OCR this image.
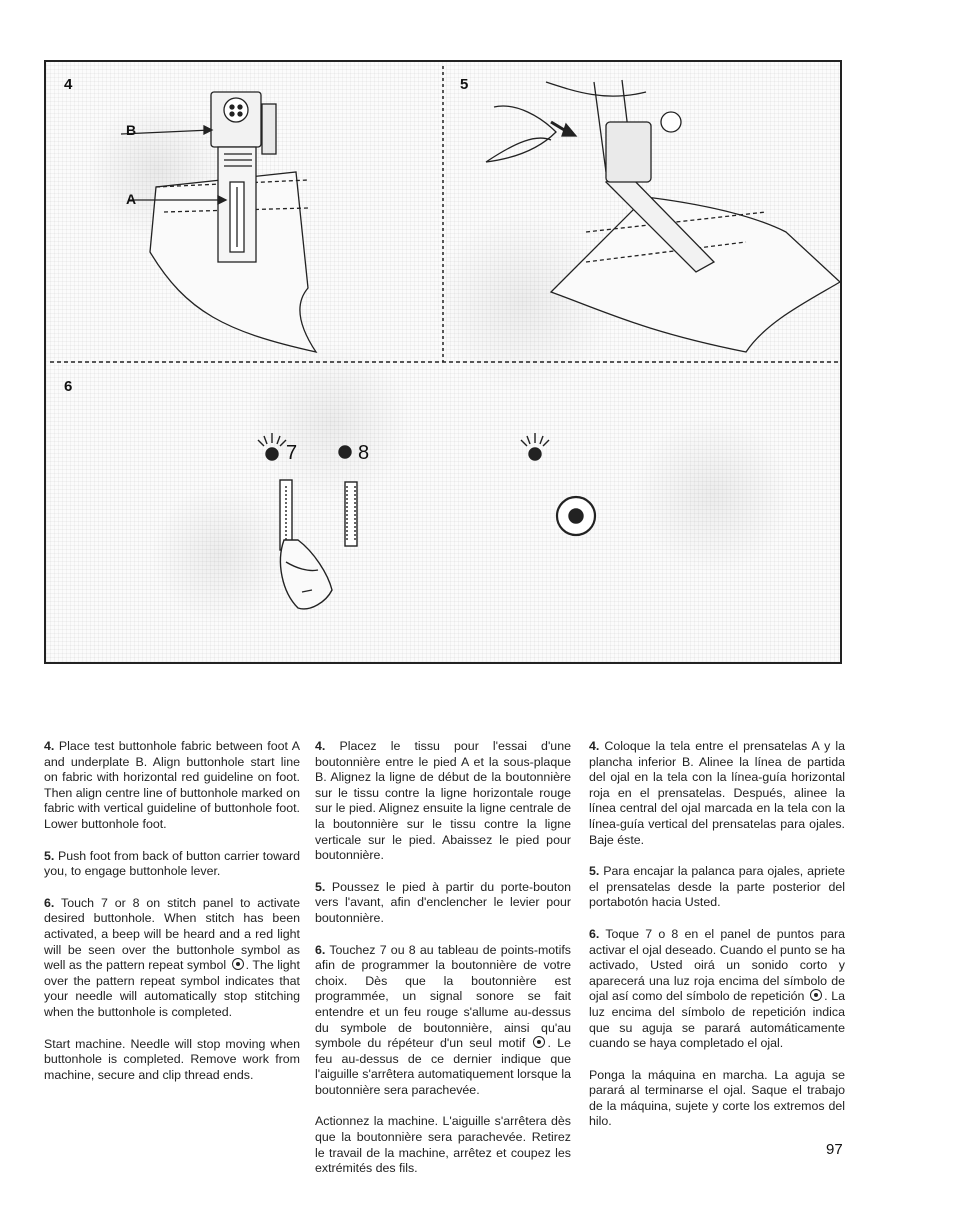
4	5
6
B
A
7	8

4. Place test buttonhole fabric between foot A and underplate B. Align buttonhole start line on fabric with horizontal red guideline on foot. Then align centre line of buttonhole marked on fabric with vertical guideline of buttonhole foot. Lower buttonhole foot.

5. Push foot from back of button carrier toward you, to engage buttonhole lever.

6. Touch 7 or 8 on stitch panel to activate desired buttonhole. When stitch has been activated, a beep will be heard and a red light will be seen over the buttonhole symbol as well as the pattern repeat symbol . The light over the pattern repeat symbol indicates that your needle will automatically stop stitching when the buttonhole is completed.

Start machine. Needle will stop moving when buttonhole is completed. Remove work from machine, secure and clip thread ends.

4. Placez le tissu pour l'essai d'une boutonnière entre le pied A et la sous-plaque B. Alignez la ligne de début de la boutonnière sur le tissu contre la ligne horizontale rouge sur le pied. Alignez ensuite la ligne centrale de la boutonnière sur le tissu contre la ligne verticale sur le pied. Abaissez le pied pour boutonnière.

5. Poussez le pied à partir du porte-bouton vers l'avant, afin d'enclencher le levier pour boutonnière.

6. Touchez 7 ou 8 au tableau de points-motifs afin de programmer la boutonnière de votre choix. Dès que la boutonnière est programmée, un signal sonore se fait entendre et un feu rouge s'allume au-dessus du symbole de boutonnière, ainsi qu'au symbole du répéteur d'un seul motif . Le feu au-dessus de ce dernier indique que l'aiguille s'arrêtera automatiquement lorsque la boutonnière sera parachevée.

Actionnez la machine. L'aiguille s'arrêtera dès que la boutonnière sera parachevée. Retirez le travail de la machine, arrêtez et coupez les extrémités des fils.

4. Coloque la tela entre el prensatelas A y la plancha inferior B. Alinee la línea de partida del ojal en la tela con la línea-guía horizontal roja en el prensatelas. Después, alinee la línea central del ojal marcada en la tela con la línea-guía vertical del prensatelas para ojales. Baje éste.

5. Para encajar la palanca para ojales, apriete el prensatelas desde la parte posterior del portabotón hacia Usted.

6. Toque 7 o 8 en el panel de puntos para activar el ojal deseado. Cuando el punto se ha activado, Usted oirá un sonido corto y aparecerá una luz roja encima del símbolo de ojal así como del símbolo de repetición . La luz encima del símbolo de repetición indica que su aguja se parará automáticamente cuando se haya completado el ojal.

Ponga la máquina en marcha. La aguja se parará al terminarse el ojal. Saque el trabajo de la máquina, sujete y corte los extremos del hilo.

97
